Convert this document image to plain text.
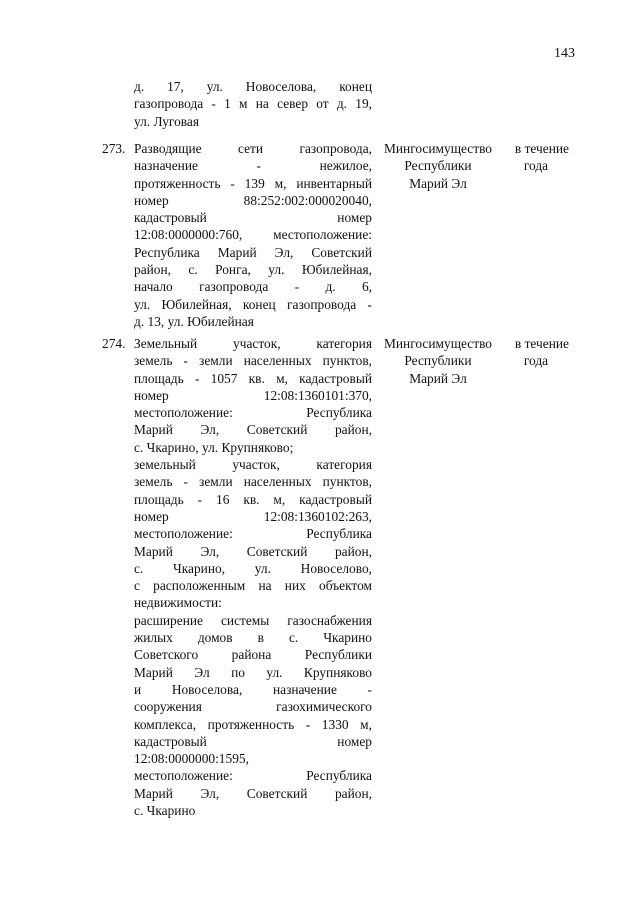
143
д. 17, ул. Новоселова, конец
газопровода - 1 м на север от д. 19,
ул. Луговая
273. Разводящие сети газопровода,
назначение - нежилое,
протяженность - 139 м, инвентарный
номер 88:252:002:000020040,
кадастровый номер
12:08:0000000:760, местоположение:
Республика Марий Эл, Советский
район, с. Ронга, ул. Юбилейная,
начало газопровода - д. 6,
ул. Юбилейная, конец газопровода -
д. 13, ул. Юбилейная
Мингосимущество
Республики
Марий Эл
в течение
года
274. Земельный участок, категория
земель - земли населенных пунктов,
площадь - 1057 кв. м, кадастровый
номер 12:08:1360101:370,
местоположение: Республика
Марий Эл, Советский район,
с. Чкарино, ул. Крупняково;
земельный участок, категория
земель - земли населенных пунктов,
площадь - 16 кв. м, кадастровый
номер 12:08:1360102:263,
местоположение: Республика
Марий Эл, Советский район,
с. Чкарино, ул. Новоселово,
с расположенным на них объектом
недвижимости:
расширение системы газоснабжения
жилых домов в с. Чкарино
Советского района Республики
Марий Эл по ул. Крупняково
и Новоселова, назначение -
сооружения газохимического
комплекса, протяженность - 1330 м,
кадастровый номер
12:08:0000000:1595,
местоположение: Республика
Марий Эл, Советский район,
с. Чкарино
Мингосимущество
Республики
Марий Эл
в течение
года
